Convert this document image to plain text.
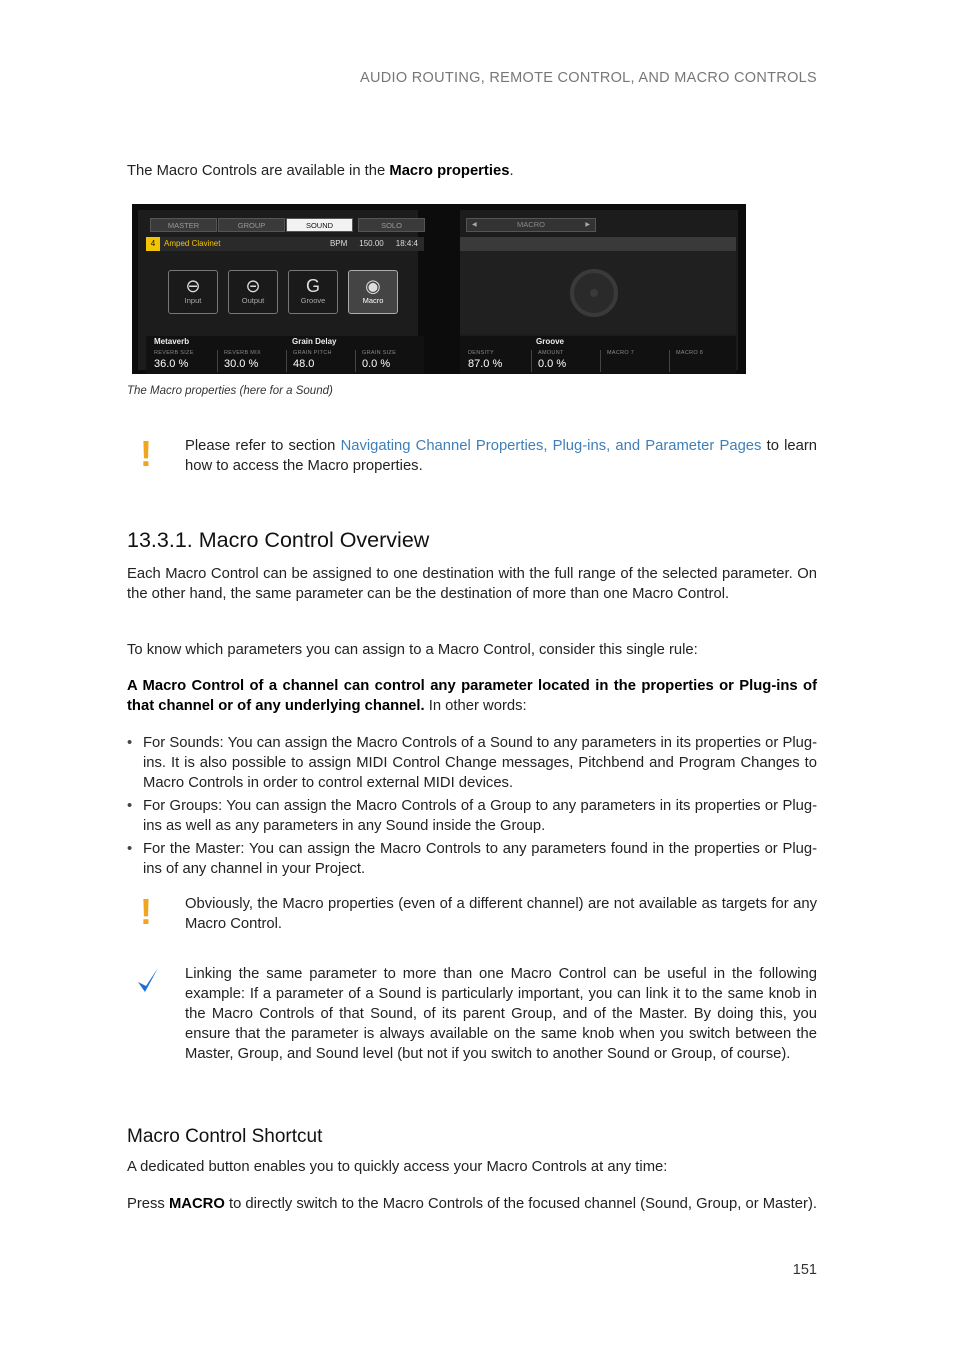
AUDIO ROUTING, REMOTE CONTROL, AND MACRO CONTROLS
The Macro Controls are available in the Macro properties.
MASTER	GROUP	SOUND	SOLO
4 Amped Clavinet	BPM 150.00 18:4:4
⊖
Input
⊝
Output
G
Groove
◉
Macro
Metaverb	Grain Delay
REVERB SIZE
36.0 %
REVERB MIX
30.0 %
GRAIN PITCH
48.0
GRAIN SIZE
0.0 %
◀	MACRO	▶
Groove
DENSITY
87.0 %
AMOUNT
0.0 %
MACRO 7	MACRO 8
The Macro properties (here for a Sound)
! Please refer to section Navigating Channel Properties, Plug-ins, and Parameter Pages to learn how to access the Macro properties.
13.3.1. Macro Control Overview
Each Macro Control can be assigned to one destination with the full range of the selected parameter. On the other hand, the same parameter can be the destination of more than one Macro Control.
To know which parameters you can assign to a Macro Control, consider this single rule:
A Macro Control of a channel can control any parameter located in the properties or Plug-ins of that channel or of any underlying channel. In other words:
• For Sounds: You can assign the Macro Controls of a Sound to any parameters in its properties or Plug-ins. It is also possible to assign MIDI Control Change messages, Pitchbend and Program Changes to Macro Controls in order to control external MIDI devices.
• For Groups: You can assign the Macro Controls of a Group to any parameters in its properties or Plug-ins as well as any parameters in any Sound inside the Group.
• For the Master: You can assign the Macro Controls to any parameters found in the properties or Plug-ins of any channel in your Project.
! Obviously, the Macro properties (even of a different channel) are not available as targets for any Macro Control.
Linking the same parameter to more than one Macro Control can be useful in the following example: If a parameter of a Sound is particularly important, you can link it to the same knob in the Macro Controls of that Sound, of its parent Group, and of the Master. By doing this, you ensure that the parameter is always available on the same knob when you switch between the Master, Group, and Sound level (but not if you switch to another Sound or Group, of course).
Macro Control Shortcut
A dedicated button enables you to quickly access your Macro Controls at any time:
Press MACRO to directly switch to the Macro Controls of the focused channel (Sound, Group, or Master).
151
